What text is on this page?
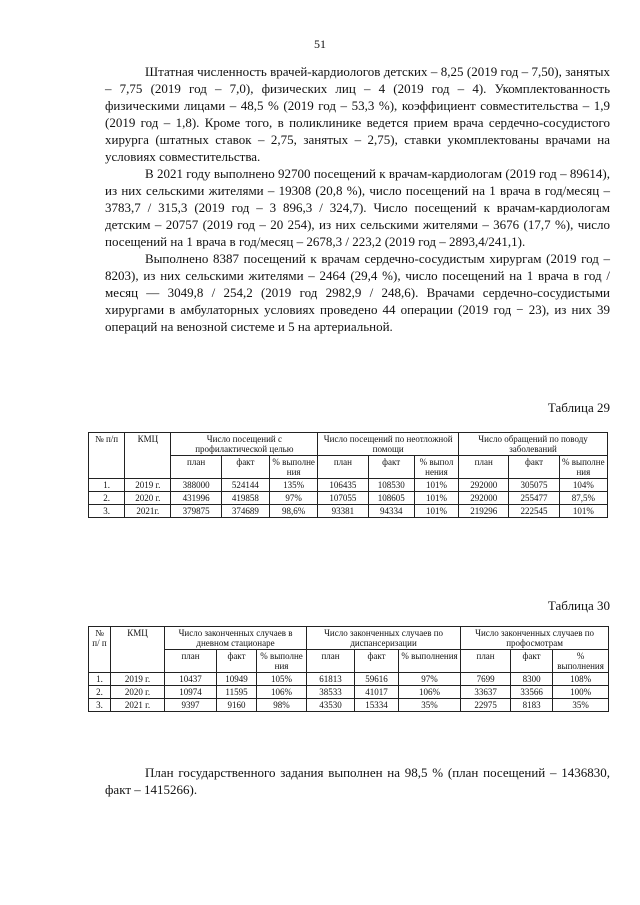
51

Штатная численность врачей-кардиологов детских – 8,25 (2019 год – 7,50), занятых – 7,75 (2019 год – 7,0), физических лиц – 4 (2019 год – 4). Укомплектованность физическими лицами – 48,5 % (2019 год – 53,3 %), коэффициент совместительства – 1,9 (2019 год – 1,8). Кроме того, в поликлинике ведется прием врача сердечно-сосудистого хирурга (штатных ставок – 2,75, занятых – 2,75), ставки укомплектованы врачами на условиях совместительства.

В 2021 году выполнено 92700 посещений к врачам-кардиологам (2019 год – 89614), из них сельскими жителями – 19308 (20,8 %), число посещений на 1 врача в год/месяц – 3783,7 / 315,3 (2019 год – 3 896,3 / 324,7). Число посещений к врачам-кардиологам детским – 20757 (2019 год – 20 254), из них сельскими жителями – 3676 (17,7 %), число посещений на 1 врача в год/месяц – 2678,3 / 223,2 (2019 год – 2893,4/241,1).

Выполнено 8387 посещений к врачам сердечно-сосудистым хирургам (2019 год – 8203), из них сельскими жителями – 2464 (29,4 %), число посещений на 1 врача в год / месяц — 3049,8 / 254,2 (2019 год 2982,9 / 248,6). Врачами сердечно-сосудистыми хирургами в амбулаторных условиях проведено 44 операции (2019 год − 23), из них 39 операций на венозной системе и 5 на артериальной.

Таблица 29

№ п/п	КМЦ	Число посещений с профилактической целью			Число посещений по неотложной помощи			Число обращений по поводу заболеваний		
		план	факт	% выполне ния	план	факт	% выпол нения	план	факт	% выполне ния
1.	2019 г.	388000	524144	135%	106435	108530	101%	292000	305075	104%
2.	2020 г.	431996	419858	97%	107055	108605	101%	292000	255477	87,5%
3.	2021г.	379875	374689	98,6%	93381	94334	101%	219296	222545	101%

Таблица 30

№ п/ п	КМЦ	Число законченных случаев в дневном стационаре			Число законченных случаев по диспансеризации			Число законченных случаев по профосмотрам		
		план	факт	% выполне ния	план	факт	% выполнения	план	факт	% выполнения
1.	2019 г.	10437	10949	105%	61813	59616	97%	7699	8300	108%
2.	2020 г.	10974	11595	106%	38533	41017	106%	33637	33566	100%
3.	2021 г.	9397	9160	98%	43530	15334	35%	22975	8183	35%

План государственного задания выполнен на 98,5 % (план посещений – 1436830, факт – 1415266).
